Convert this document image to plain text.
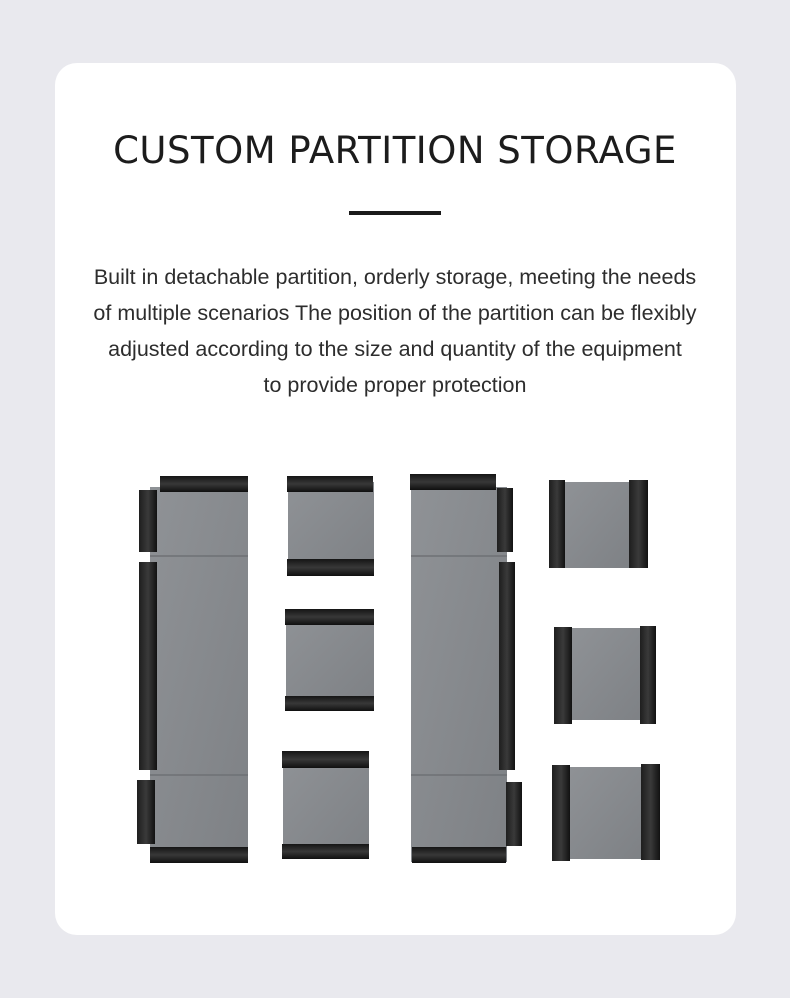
CUSTOM PARTITION STORAGE
Built in detachable partition, orderly storage, meeting the needs
of multiple scenarios The position of the partition can be flexibly
adjusted according to the size and quantity of the equipment
to provide proper protection
